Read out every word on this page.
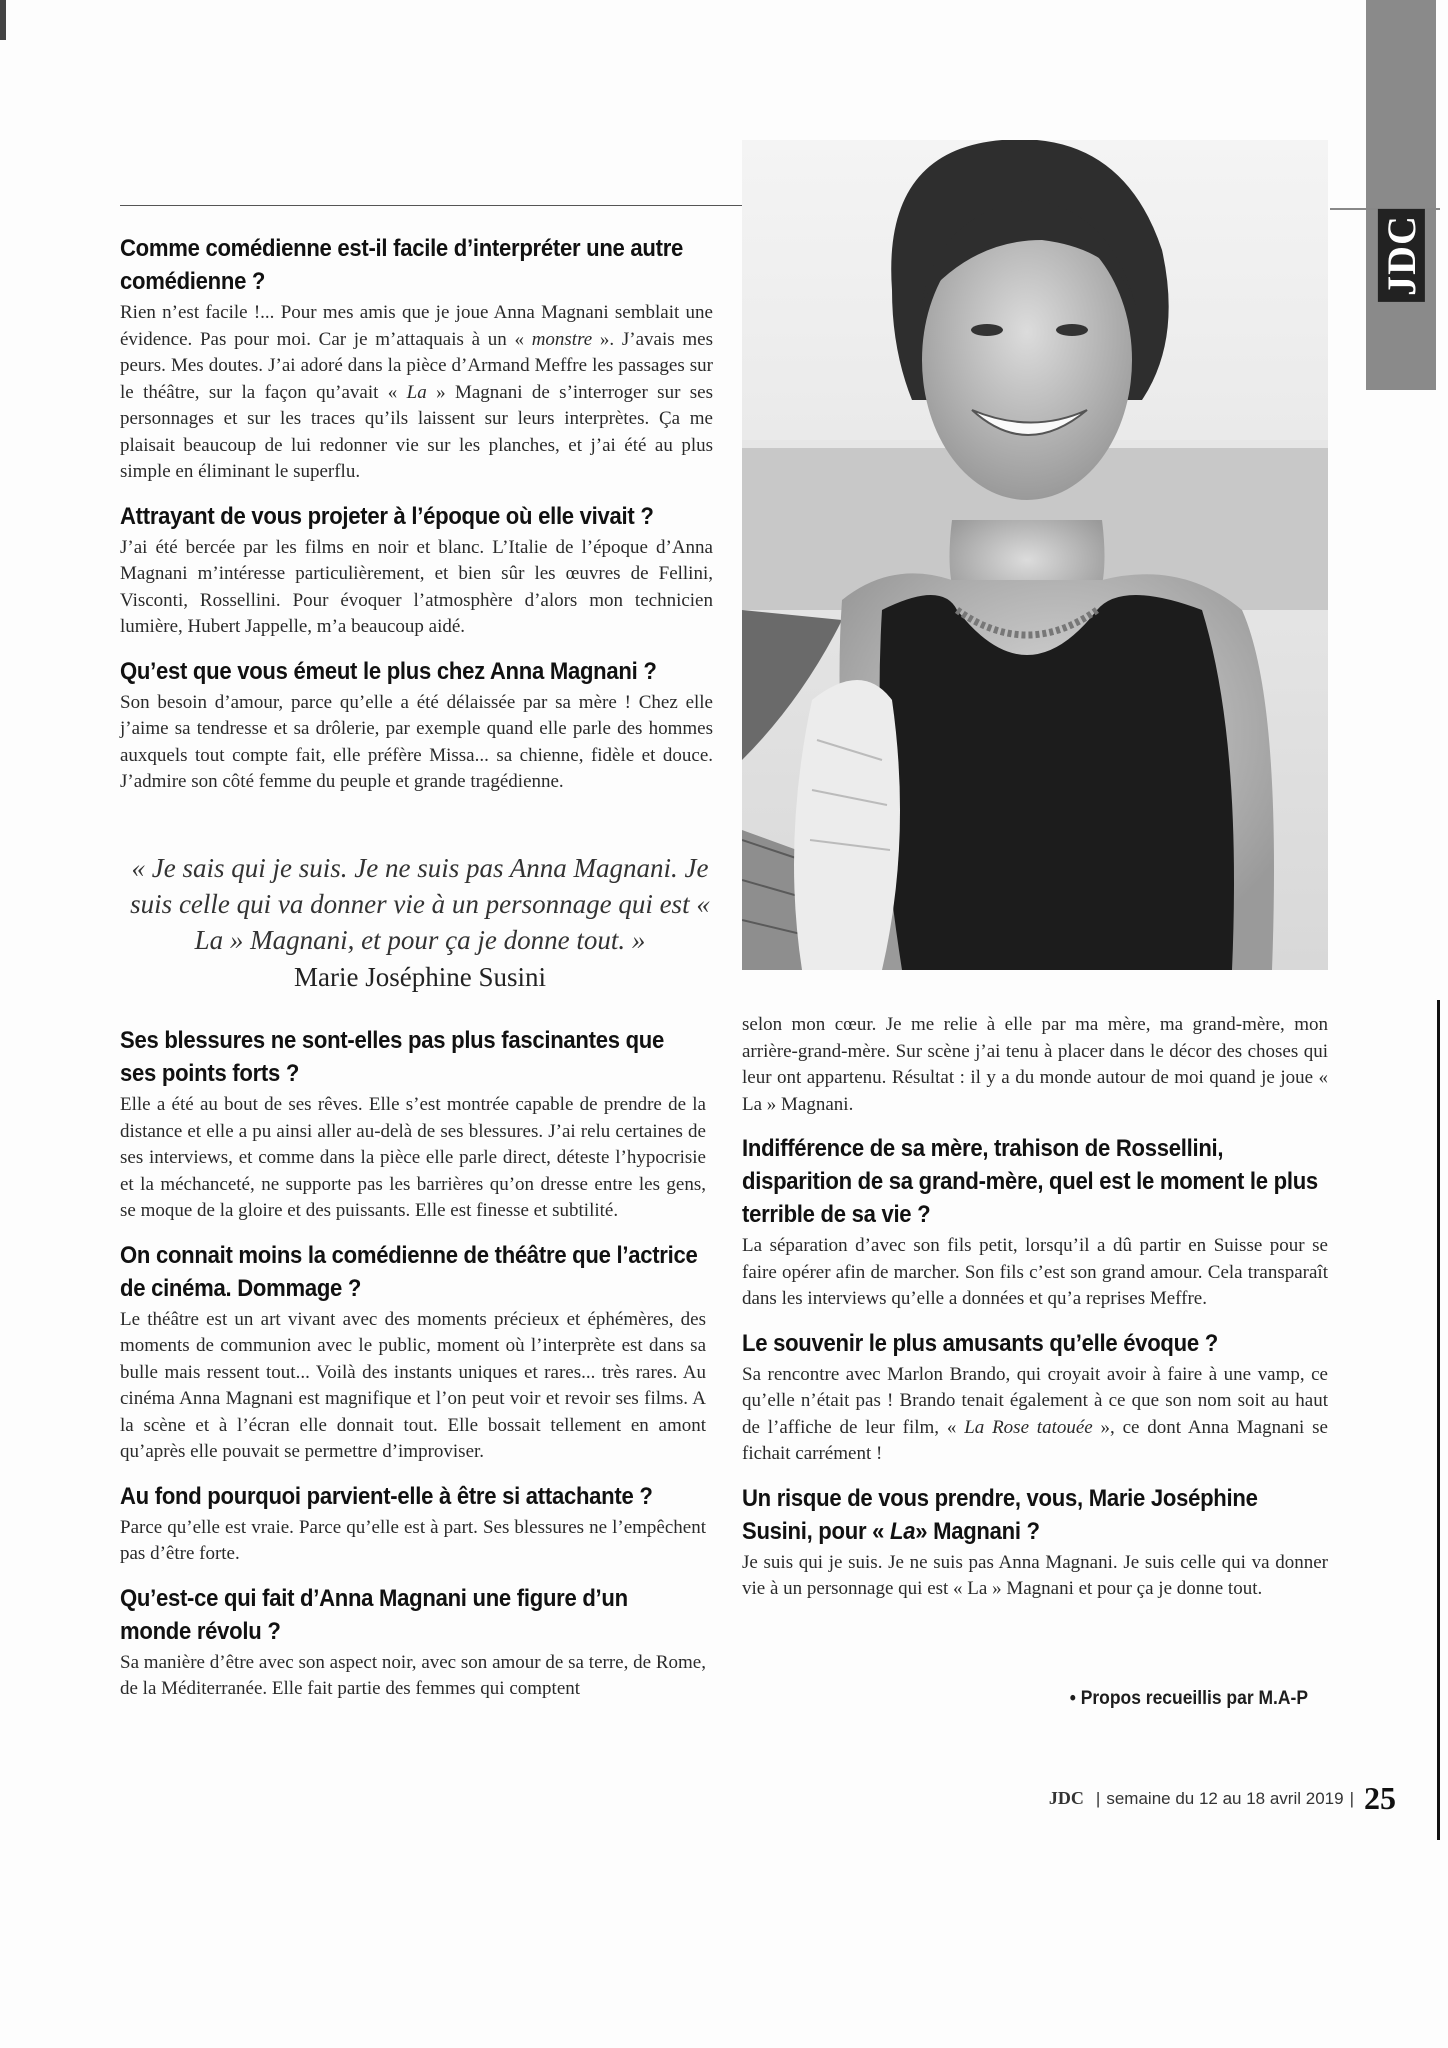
JDC
Comme comédienne est-il facile d’interpréter une autre comédienne ?

Rien n’est facile !... Pour mes amis que je joue Anna Magnani semblait une évidence. Pas pour moi. Car je m’attaquais à un « monstre ». J’avais mes peurs. Mes doutes. J’ai adoré dans la pièce d’Armand Meffre les passages sur le théâtre, sur la façon qu’avait « La » Magnani de s’interroger sur ses personnages et sur les traces qu’ils laissent sur leurs interprètes. Ça me plaisait beaucoup de lui redonner vie sur les planches, et j’ai été au plus simple en éliminant le superflu.

Attrayant de vous projeter à l’époque où elle vivait ?

J’ai été bercée par les films en noir et blanc. L’Italie de l’époque d’Anna Magnani m’intéresse particulièrement, et bien sûr les œuvres de Fellini, Visconti, Rossellini. Pour évoquer l’atmosphère d’alors mon technicien lumière, Hubert Jappelle, m’a beaucoup aidé.

Qu’est que vous émeut le plus chez Anna Magnani ?

Son besoin d’amour, parce qu’elle a été délaissée par sa mère ! Chez elle j’aime sa tendresse et sa drôlerie, par exemple quand elle parle des hommes auxquels tout compte fait, elle préfère Missa... sa chienne, fidèle et douce. J’admire son côté femme du peuple et grande tragédienne.

« Je sais qui je suis. Je ne suis pas Anna Magnani. Je suis celle qui va donner vie à un personnage qui est « La » Magnani, et pour ça je donne tout. »
Marie Joséphine Susini
Ses blessures ne sont-elles pas plus fascinantes que ses points forts ?

Elle a été au bout de ses rêves. Elle s’est montrée capable de prendre de la distance et elle a pu ainsi aller au-delà de ses blessures. J’ai relu certaines de ses interviews, et comme dans la pièce elle parle direct, déteste l’hypocrisie et la méchanceté, ne supporte pas les barrières qu’on dresse entre les gens, se moque de la gloire et des puissants. Elle est finesse et subtilité.

On connait moins la comédienne de théâtre que l’actrice de cinéma. Dommage ?

Le théâtre est un art vivant avec des moments précieux et éphémères, des moments de communion avec le public, moment où l’interprète est dans sa bulle mais ressent tout... Voilà des instants uniques et rares... très rares. Au cinéma Anna Magnani est magnifique et l’on peut voir et revoir ses films. A la scène et à l’écran elle donnait tout. Elle bossait tellement en amont qu’après elle pouvait se permettre d’improviser.

Au fond pourquoi parvient-elle à être si attachante ?

Parce qu’elle est vraie. Parce qu’elle est à part. Ses blessures ne l’empêchent pas d’être forte.

Qu’est-ce qui fait d’Anna Magnani une figure d’un monde révolu ?

Sa manière d’être avec son aspect noir, avec son amour de sa terre, de Rome, de la Méditerranée. Elle fait partie des femmes qui comptent

selon mon cœur. Je me relie à elle par ma mère, ma grand-mère, mon arrière-grand-mère. Sur scène j’ai tenu à placer dans le décor des choses qui leur ont appartenu. Résultat : il y a du monde autour de moi quand je joue « La » Magnani.

Indifférence de sa mère, trahison de Rossellini, disparition de sa grand-mère, quel est le moment le plus terrible de sa vie ?

La séparation d’avec son fils petit, lorsqu’il a dû partir en Suisse pour se faire opérer afin de marcher. Son fils c’est son grand amour. Cela transparaît dans les interviews qu’elle a données et qu’a reprises Meffre.

Le souvenir le plus amusants qu’elle évoque ?

Sa rencontre avec Marlon Brando, qui croyait avoir à faire à une vamp, ce qu’elle n’était pas ! Brando tenait également à ce que son nom soit au haut de l’affiche de leur film, « La Rose tatouée », ce dont Anna Magnani se fichait carrément !

Un risque de vous prendre, vous, Marie Joséphine Susini, pour « La» Magnani ?

Je suis qui je suis. Je ne suis pas Anna Magnani. Je suis celle qui va donner vie à un personnage qui est « La » Magnani et pour ça je donne tout.

• Propos recueillis par M.A-P
JDC | semaine du 12 au 18 avril 2019 | 25
